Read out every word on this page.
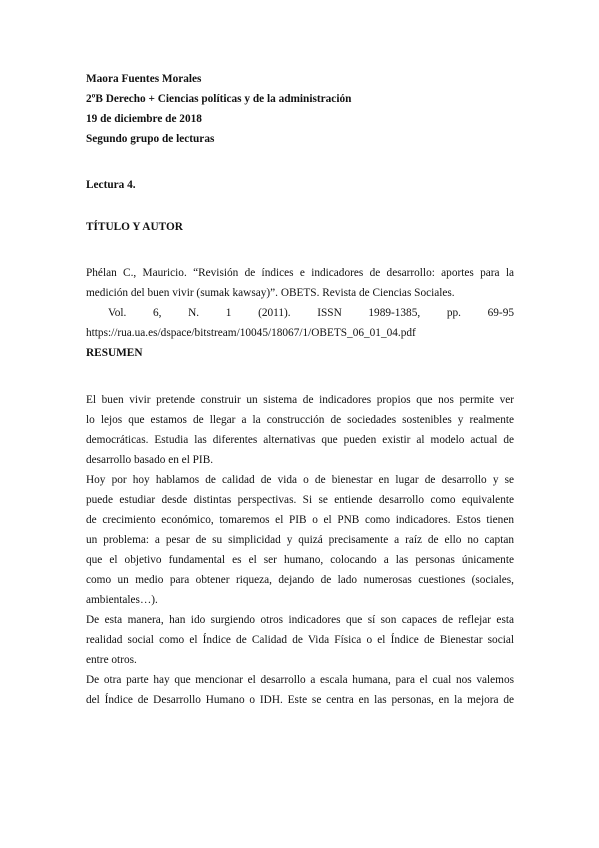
Maora Fuentes Morales
2ºB Derecho + Ciencias políticas y de la administración
19 de diciembre de 2018
Segundo grupo de lecturas
Lectura 4.
TÍTULO Y AUTOR
Phélan C., Mauricio. “Revisión de índices e indicadores de desarrollo: aportes para la
medición del buen vivir (sumak kawsay)”. OBETS. Revista de Ciencias Sociales.
Vol. 6, N. 1 (2011). ISSN 1989-1385, pp. 69-95
https://rua.ua.es/dspace/bitstream/10045/18067/1/OBETS_06_01_04.pdf
RESUMEN
El buen vivir pretende construir un sistema de indicadores propios que nos permite ver
lo lejos que estamos de llegar a la construcción de sociedades sostenibles y realmente
democráticas. Estudia las diferentes alternativas que pueden existir al modelo actual de
desarrollo basado en el PIB.
Hoy por hoy hablamos de calidad de vida o de bienestar en lugar de desarrollo y se
puede estudiar desde distintas perspectivas. Si se entiende desarrollo como equivalente
de crecimiento económico, tomaremos el PIB o el PNB como indicadores. Estos tienen
un problema: a pesar de su simplicidad y quizá precisamente a raíz de ello no captan
que el objetivo fundamental es el ser humano, colocando a las personas únicamente
como un medio para obtener riqueza, dejando de lado numerosas cuestiones (sociales,
ambientales…).
De esta manera, han ido surgiendo otros indicadores que sí son capaces de reflejar esta
realidad social como el Índice de Calidad de Vida Física o el Índice de Bienestar social
entre otros.
De otra parte hay que mencionar el desarrollo a escala humana, para el cual nos valemos
del Índice de Desarrollo Humano o IDH. Este se centra en las personas, en la mejora de
